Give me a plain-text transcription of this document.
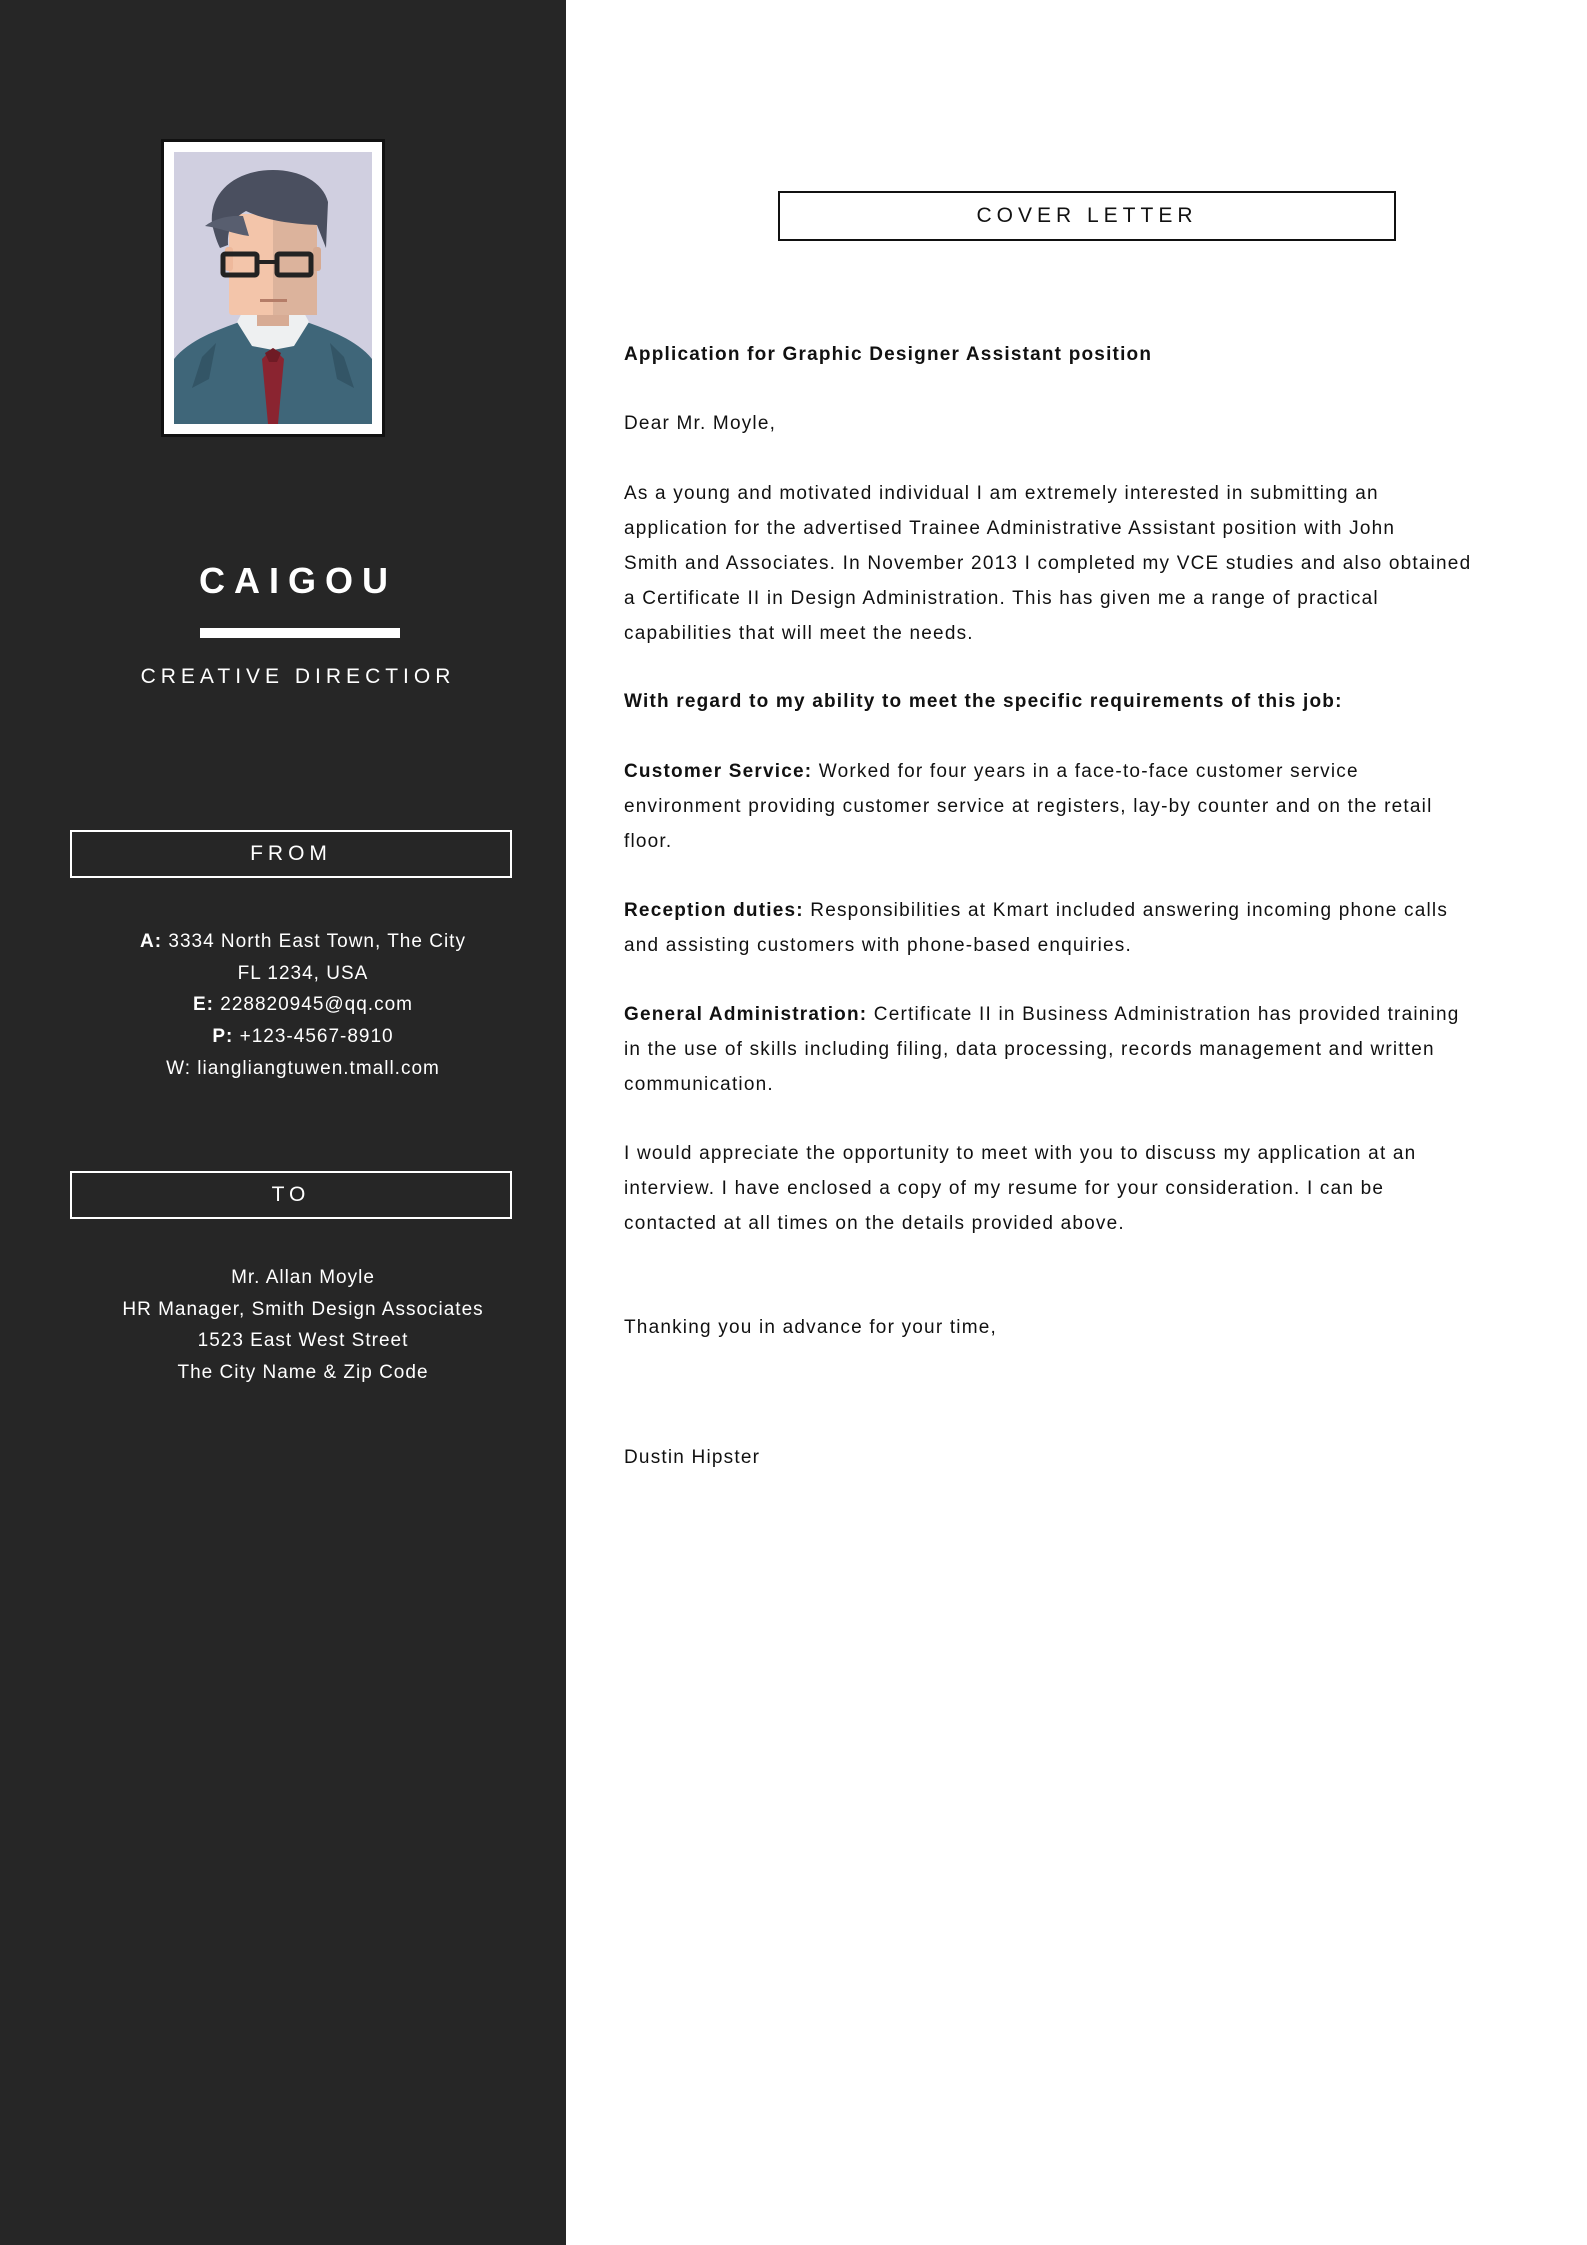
CAIGOU
CREATIVE DIRECTIOR
FROM
A: 3334 North East Town, The City
FL 1234, USA
E: 228820945@qq.com
P: +123-4567-8910
W: liangliangtuwen.tmall.com
TO
Mr. Allan Moyle
HR Manager, Smith Design Associates
1523 East West Street
The City Name & Zip Code
COVER LETTER

Application for Graphic Designer Assistant position

Dear Mr. Moyle,

As a young and motivated individual I am extremely interested in submitting an

application for the advertised Trainee Administrative Assistant position with John

Smith and Associates. In November 2013 I completed my VCE studies and also obtained

a Certificate II in Design Administration. This has given me a range of practical

capabilities that will meet the needs.

With regard to my ability to meet the specific requirements of this job:

Customer Service: Worked for four years in a face-to-face customer service

environment providing customer service at registers, lay-by counter and on the retail

floor.

Reception duties: Responsibilities at Kmart included answering incoming phone calls

and assisting customers with phone-based enquiries.

General Administration: Certificate II in Business Administration has provided training

in the use of skills including filing, data processing, records management and written

communication.

I would appreciate the opportunity to meet with you to discuss my application at an

interview. I have enclosed a copy of my resume for your consideration. I can be

contacted at all times on the details provided above.

Thanking you in advance for your time,
Dustin Hipster
